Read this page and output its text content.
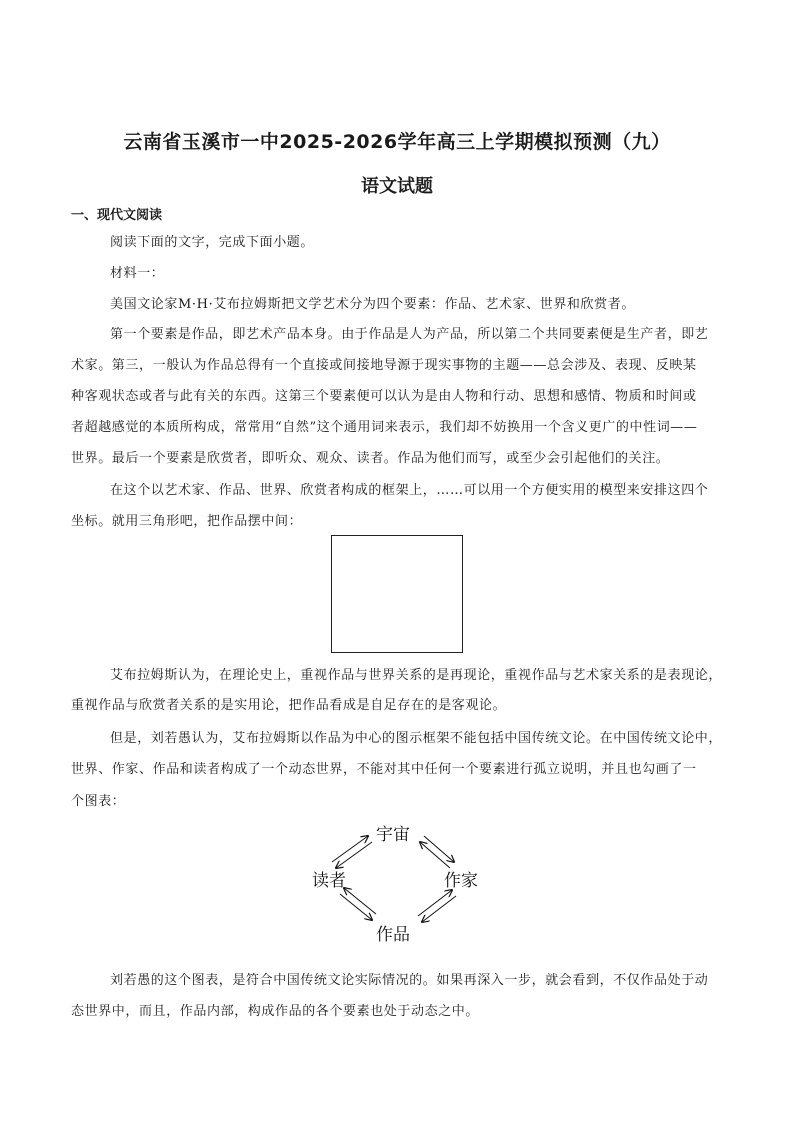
云南省玉溪市一中2025-2026学年高三上学期模拟预测（九）
语文试题
一、现代文阅读
阅读下面的文字，完成下面小题。
材料一：
美国文论家M·H·艾布拉姆斯把文学艺术分为四个要素：作品、艺术家、世界和欣赏者。
第一个要素是作品，即艺术产品本身。由于作品是人为产品，所以第二个共同要素便是生产者，即艺
术家。第三，一般认为作品总得有一个直接或间接地导源于现实事物的主题——总会涉及、表现、反映某
种客观状态或者与此有关的东西。这第三个要素便可以认为是由人物和行动、思想和感情、物质和时间或
者超越感觉的本质所构成，常常用“自然”这个通用词来表示，我们却不妨换用一个含义更广的中性词——
世界。最后一个要素是欣赏者，即听众、观众、读者。作品为他们而写，或至少会引起他们的关注。
在这个以艺术家、作品、世界、欣赏者构成的框架上，……可以用一个方便实用的模型来安排这四个
坐标。就用三角形吧，把作品摆中间：
艾布拉姆斯认为，在理论史上，重视作品与世界关系的是再现论，重视作品与艺术家关系的是表现论，
重视作品与欣赏者关系的是实用论，把作品看成是自足存在的是客观论。
但是，刘若愚认为，艾布拉姆斯以作品为中心的图示框架不能包括中国传统文论。在中国传统文论中，
世界、作家、作品和读者构成了一个动态世界，不能对其中任何一个要素进行孤立说明，并且也勾画了一
个图表：
宇宙
读者	作家
作品
刘若愚的这个图表，是符合中国传统文论实际情况的。如果再深入一步，就会看到，不仅作品处于动
态世界中，而且，作品内部，构成作品的各个要素也处于动态之中。
